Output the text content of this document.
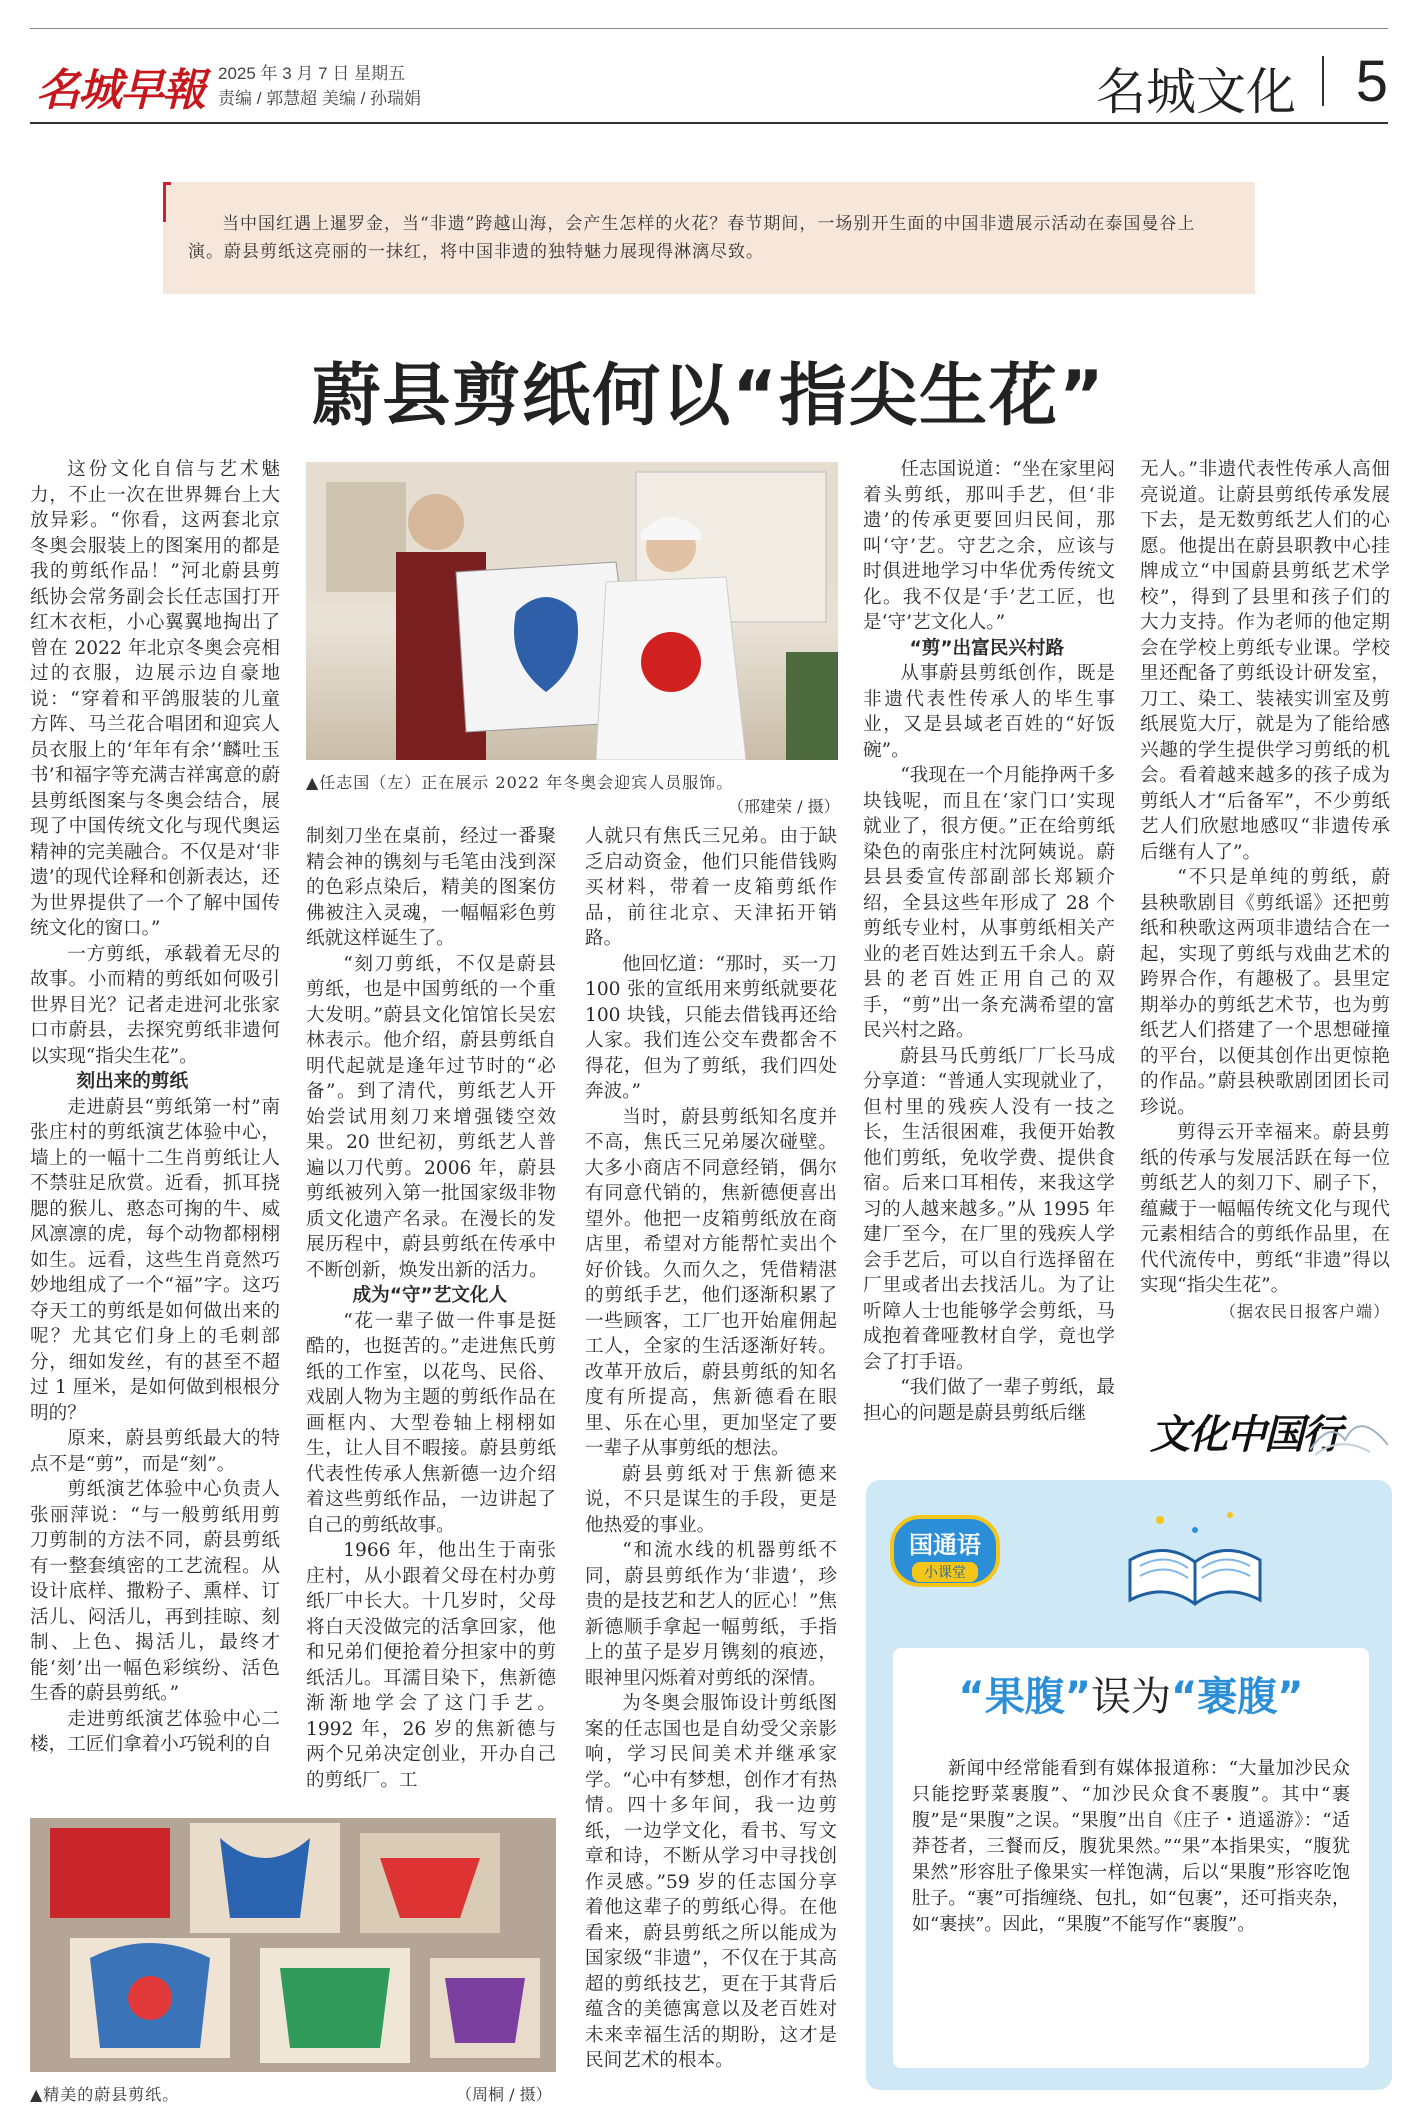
名城早報 2025 年 3 月 7 日 星期五
责编 / 郭慧超 美编 / 孙瑞娟	名城文化 5

当中国红遇上暹罗金，当“非遗”跨越山海，会产生怎样的火花？春节期间，一场别开生面的中国非遗展示活动在泰国曼谷上演。蔚县剪纸这亮丽的一抹红，将中国非遗的独特魅力展现得淋漓尽致。

蔚县剪纸何以“指尖生花”
▲任志国（左）正在展示 2022 年冬奥会迎宾人员服饰。
（邢建荣 / 摄）

这份文化自信与艺术魅力，不止一次在世界舞台上大放异彩。“你看，这两套北京冬奥会服装上的图案用的都是我的剪纸作品！”河北蔚县剪纸协会常务副会长任志国打开红木衣柜，小心翼翼地掏出了曾在 2022 年北京冬奥会亮相过的衣服，边展示边自豪地说：“穿着和平鸽服装的儿童方阵、马兰花合唱团和迎宾人员衣服上的‘年年有余’‘麟吐玉书’和福字等充满吉祥寓意的蔚县剪纸图案与冬奥会结合，展现了中国传统文化与现代奥运精神的完美融合。不仅是对‘非遗’的现代诠释和创新表达，还为世界提供了一个了解中国传统文化的窗口。”

一方剪纸，承载着无尽的故事。小而精的剪纸如何吸引世界目光？记者走进河北张家口市蔚县，去探究剪纸非遗何以实现“指尖生花”。

刻出来的剪纸

走进蔚县“剪纸第一村”南张庄村的剪纸演艺体验中心，墙上的一幅十二生肖剪纸让人不禁驻足欣赏。近看，抓耳挠腮的猴儿、憨态可掬的牛、威风凛凛的虎，每个动物都栩栩如生。远看，这些生肖竟然巧妙地组成了一个“福”字。这巧夺天工的剪纸是如何做出来的呢？尤其它们身上的毛刺部分，细如发丝，有的甚至不超过 1 厘米，是如何做到根根分明的？

原来，蔚县剪纸最大的特点不是“剪”，而是“刻”。

剪纸演艺体验中心负责人张丽萍说：“与一般剪纸用剪刀剪制的方法不同，蔚县剪纸有一整套缜密的工艺流程。从设计底样、撒粉子、熏样、订活儿、闷活儿，再到挂晾、刻制、上色、揭活儿，最终才能‘刻’出一幅色彩缤纷、活色生香的蔚县剪纸。”

走进剪纸演艺体验中心二楼，工匠们拿着小巧锐利的自

制刻刀坐在桌前，经过一番聚精会神的镌刻与毛笔由浅到深的色彩点染后，精美的图案仿佛被注入灵魂，一幅幅彩色剪纸就这样诞生了。

“刻刀剪纸，不仅是蔚县剪纸，也是中国剪纸的一个重大发明。”蔚县文化馆馆长吴宏林表示。他介绍，蔚县剪纸自明代起就是逢年过节时的“必备”。到了清代，剪纸艺人开始尝试用刻刀来增强镂空效果。20 世纪初，剪纸艺人普遍以刀代剪。2006 年，蔚县剪纸被列入第一批国家级非物质文化遗产名录。在漫长的发展历程中，蔚县剪纸在传承中不断创新，焕发出新的活力。

成为“守”艺文化人

“花一辈子做一件事是挺酷的，也挺苦的。”走进焦氏剪纸的工作室，以花鸟、民俗、戏剧人物为主题的剪纸作品在画框内、大型卷轴上栩栩如生，让人目不暇接。蔚县剪纸代表性传承人焦新德一边介绍着这些剪纸作品，一边讲起了自己的剪纸故事。

1966 年，他出生于南张庄村，从小跟着父母在村办剪纸厂中长大。十几岁时，父母将白天没做完的活拿回家，他和兄弟们便抢着分担家中的剪纸活儿。耳濡目染下，焦新德渐渐地学会了这门手艺。1992 年，26 岁的焦新德与两个兄弟决定创业，开办自己的剪纸厂。工

人就只有焦氏三兄弟。由于缺乏启动资金，他们只能借钱购买材料，带着一皮箱剪纸作品，前往北京、天津拓开销路。

他回忆道：“那时，买一刀 100 张的宣纸用来剪纸就要花 100 块钱，只能去借钱再还给人家。我们连公交车费都舍不得花，但为了剪纸，我们四处奔波。”

当时，蔚县剪纸知名度并不高，焦氏三兄弟屡次碰壁。大多小商店不同意经销，偶尔有同意代销的，焦新德便喜出望外。他把一皮箱剪纸放在商店里，希望对方能帮忙卖出个好价钱。久而久之，凭借精湛的剪纸手艺，他们逐渐积累了一些顾客，工厂也开始雇佣起工人，全家的生活逐渐好转。改革开放后，蔚县剪纸的知名度有所提高，焦新德看在眼里、乐在心里，更加坚定了要一辈子从事剪纸的想法。

蔚县剪纸对于焦新德来说，不只是谋生的手段，更是他热爱的事业。

“和流水线的机器剪纸不同，蔚县剪纸作为‘非遗’，珍贵的是技艺和艺人的匠心！”焦新德顺手拿起一幅剪纸，手指上的茧子是岁月镌刻的痕迹，眼神里闪烁着对剪纸的深情。

为冬奥会服饰设计剪纸图案的任志国也是自幼受父亲影响，学习民间美术并继承家学。“心中有梦想，创作才有热情。四十多年间，我一边剪纸，一边学文化，看书、写文章和诗，不断从学习中寻找创作灵感。”59 岁的任志国分享着他这辈子的剪纸心得。在他看来，蔚县剪纸之所以能成为国家级“非遗”，不仅在于其高超的剪纸技艺，更在于其背后蕴含的美德寓意以及老百姓对未来幸福生活的期盼，这才是民间艺术的根本。

任志国说道：“坐在家里闷着头剪纸，那叫手艺，但‘非遗’的传承更要回归民间，那叫‘守’艺。守艺之余，应该与时俱进地学习中华优秀传统文化。我不仅是‘手’艺工匠，也是‘守’艺文化人。”

“剪”出富民兴村路

从事蔚县剪纸创作，既是非遗代表性传承人的毕生事业，又是县域老百姓的“好饭碗”。

“我现在一个月能挣两千多块钱呢，而且在‘家门口’实现就业了，很方便。”正在给剪纸染色的南张庄村沈阿姨说。蔚县县委宣传部副部长郑颖介绍，全县这些年形成了 28 个剪纸专业村，从事剪纸相关产业的老百姓达到五千余人。蔚县的老百姓正用自己的双手，“剪”出一条充满希望的富民兴村之路。

蔚县马氏剪纸厂厂长马成分享道：“普通人实现就业了，但村里的残疾人没有一技之长，生活很困难，我便开始教他们剪纸，免收学费、提供食宿。后来口耳相传，来我这学习的人越来越多。”从 1995 年建厂至今，在厂里的残疾人学会手艺后，可以自行选择留在厂里或者出去找活儿。为了让听障人士也能够学会剪纸，马成抱着聋哑教材自学，竟也学会了打手语。

“我们做了一辈子剪纸，最担心的问题是蔚县剪纸后继

无人。”非遗代表性传承人高佃亮说道。让蔚县剪纸传承发展下去，是无数剪纸艺人们的心愿。他提出在蔚县职教中心挂牌成立“中国蔚县剪纸艺术学校”，得到了县里和孩子们的大力支持。作为老师的他定期会在学校上剪纸专业课。学校里还配备了剪纸设计研发室，刀工、染工、装裱实训室及剪纸展览大厅，就是为了能给感兴趣的学生提供学习剪纸的机会。看着越来越多的孩子成为剪纸人才“后备军”，不少剪纸艺人们欣慰地感叹“非遗传承后继有人了”。

“不只是单纯的剪纸，蔚县秧歌剧目《剪纸谣》还把剪纸和秧歌这两项非遗结合在一起，实现了剪纸与戏曲艺术的跨界合作，有趣极了。县里定期举办的剪纸艺术节，也为剪纸艺人们搭建了一个思想碰撞的平台，以便其创作出更惊艳的作品。”蔚县秧歌剧团团长司珍说。

剪得云开幸福来。蔚县剪纸的传承与发展活跃在每一位剪纸艺人的刻刀下、刷子下，蕴藏于一幅幅传统文化与现代元素相结合的剪纸作品里，在代代流传中，剪纸“非遗”得以实现“指尖生花”。

（据农民日报客户端）
文化中国行
▲精美的蔚县剪纸。	（周桐 / 摄）
国通语
小课堂
“果腹”误为“裹腹”
新闻中经常能看到有媒体报道称：“大量加沙民众只能挖野菜裹腹”、“加沙民众食不裹腹”。其中“裹腹”是“果腹”之误。“果腹”出自《庄子・逍遥游》：“适莽苍者，三餐而反，腹犹果然。”“果”本指果实，“腹犹果然”形容肚子像果实一样饱满，后以“果腹”形容吃饱肚子。“裹”可指缠绕、包扎，如“包裹”，还可指夹杂，如“裹挟”。因此，“果腹”不能写作“裹腹”。
